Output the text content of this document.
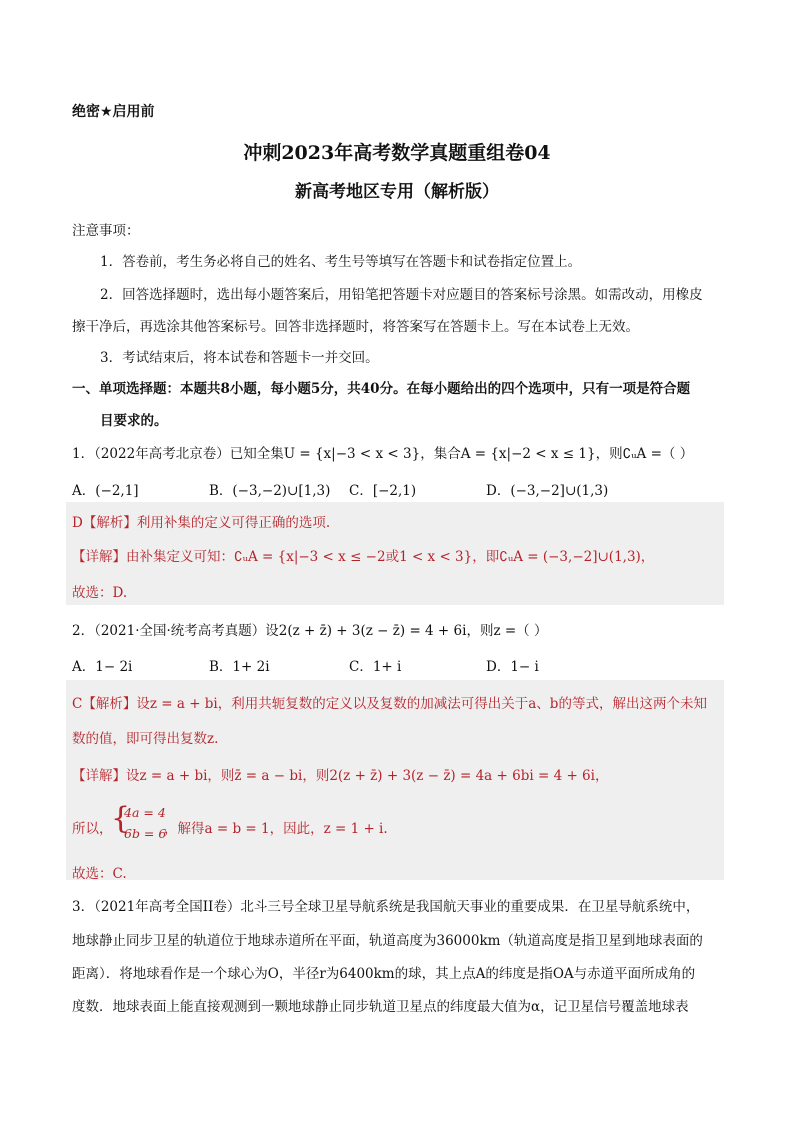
绝密★启用前
冲刺2023年高考数学真题重组卷04
新高考地区专用（解析版）
注意事项：
1．答卷前，考生务必将自己的姓名、考生号等填写在答题卡和试卷指定位置上。
2．回答选择题时，选出每小题答案后，用铅笔把答题卡对应题目的答案标号涂黑。如需改动，用橡皮
擦干净后，再选涂其他答案标号。回答非选择题时，将答案写在答题卡上。写在本试卷上无效。
3．考试结束后，将本试卷和答题卡一并交回。
一、单项选择题：本题共8小题，每小题5分，共40分。在每小题给出的四个选项中，只有一项是符合题
目要求的。
1．（2022年高考北京卷）已知全集U = {x|−3 < x < 3}，集合A = {x|−2 < x ≤ 1}，则∁ᵤA =（ ）
A．(−2,1]	B．(−3,−2)∪[1,3) C．[−2,1)	D．(−3,−2]∪(1,3)
D【解析】利用补集的定义可得正确的选项.
【详解】由补集定义可知：∁ᵤA = {x|−3 < x ≤ −2或1 < x < 3}，即∁ᵤA = (−3,−2]∪(1,3)，
故选：D.
2．（2021·全国·统考高考真题）设2(z + z̄) + 3(z − z̄) = 4 + 6i，则z =（ ）
A．1− 2i	B．1+ 2i	C．1+ i	D．1− i
C【解析】设z = a + bi，利用共轭复数的定义以及复数的加减法可得出关于a、b的等式，解出这两个未知
数的值，即可得出复数z.
【详解】设z = a + bi，则z̄ = a − bi，则2(z + z̄) + 3(z − z̄) = 4a + 6bi = 4 + 6i，
所以，
{
4a = 4
6b = 6
，解得a = b = 1，因此，z = 1 + i.
故选：C.
3．（2021年高考全国II卷）北斗三号全球卫星导航系统是我国航天事业的重要成果．在卫星导航系统中，
地球静止同步卫星的轨道位于地球赤道所在平面，轨道高度为36000km（轨道高度是指卫星到地球表面的
距离）．将地球看作是一个球心为O，半径r为6400km的球，其上点A的纬度是指OA与赤道平面所成角的
度数．地球表面上能直接观测到一颗地球静止同步轨道卫星点的纬度最大值为α，记卫星信号覆盖地球表
